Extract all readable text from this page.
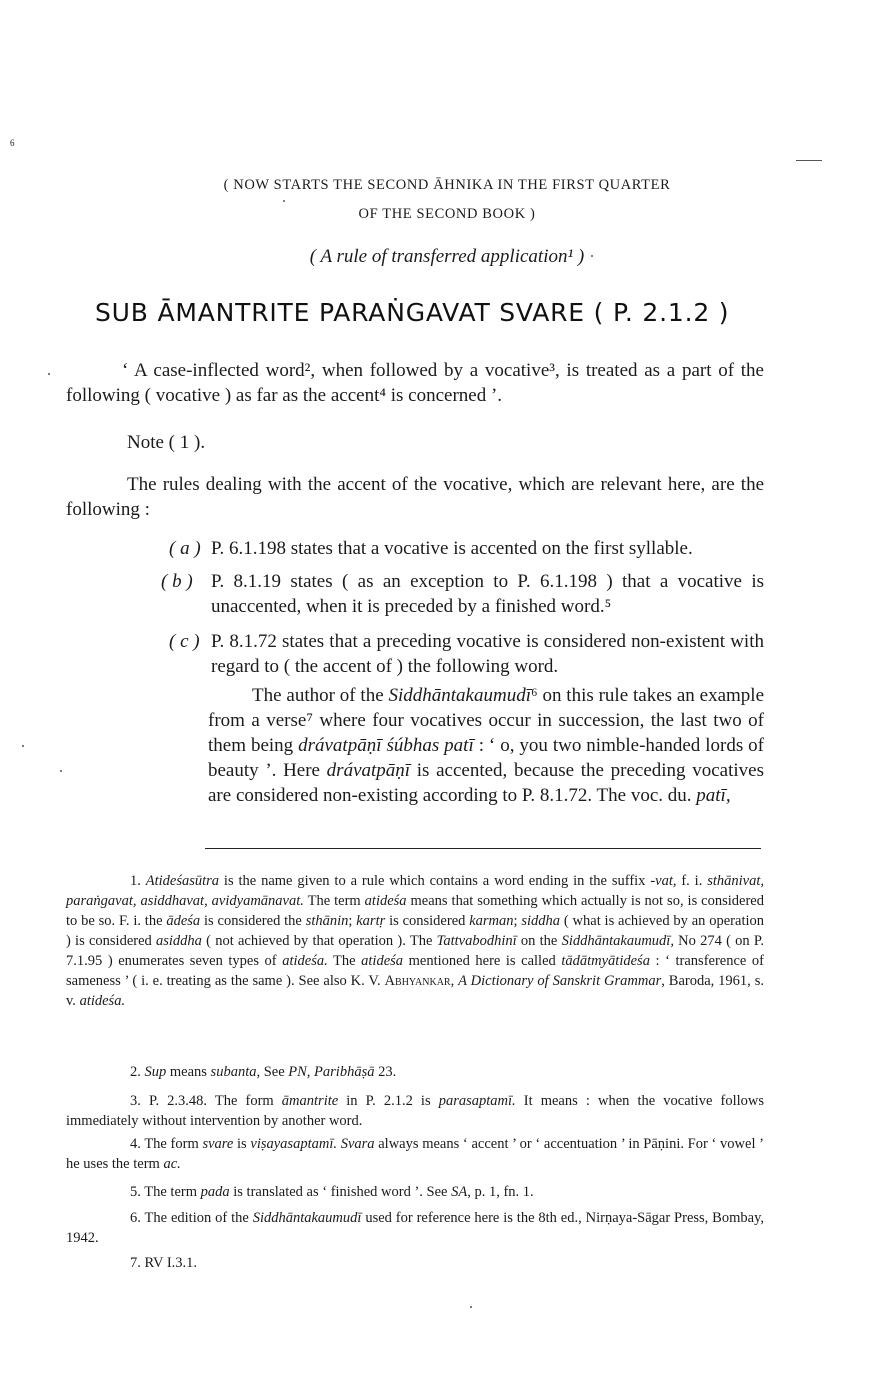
6
( NOW STARTS THE SECOND ĀHNIKA IN THE FIRST QUARTER
OF THE SECOND BOOK )
( A rule of transferred application¹ )
SUB ĀMANTRITE PARAṄGAVAT SVARE ( P. 2.1.2 )
‘ A case-inflected word², when followed by a vocative³, is treated as a part of the following ( vocative ) as far as the accent⁴ is concerned ’.
Note ( 1 ).
The rules dealing with the accent of the vocative, which are relevant here, are the following :
( a ) P. 6.1.198 states that a vocative is accented on the first syllable.
( b ) P. 8.1.19 states ( as an exception to P. 6.1.198 ) that a vocative is unaccented, when it is preceded by a finished word.⁵
( c ) P. 8.1.72 states that a preceding vocative is considered non-existent with regard to ( the accent of ) the following word.
The author of the Siddhāntakaumudī⁶ on this rule takes an example from a verse⁷ where four vocatives occur in succession, the last two of them being drávatpāṇī śúbhas patī : ‘ o, you two nimble-handed lords of beauty ’. Here drávatpāṇī is accented, because the preceding vocatives are considered non-existing according to P. 8.1.72. The voc. du. patī,
1. Atideśasūtra is the name given to a rule which contains a word ending in the suffix -vat, f. i. sthānivat, paraṅgavat, asiddhavat, avidyamānavat. The term atideśa means that something which actually is not so, is considered to be so. F. i. the ādeśa is considered the sthānin; kartṛ is considered karman; siddha ( what is achieved by an operation ) is considered asiddha ( not achieved by that operation ). The Tattvabodhinī on the Siddhāntakaumudī, No 274 ( on P. 7.1.95 ) enumerates seven types of atideśa. The atideśa mentioned here is called tādātmyātideśa : ‘ transference of sameness ’ ( i. e. treating as the same ). See also K. V. Abhyankar, A Dictionary of Sanskrit Grammar, Baroda, 1961, s. v. atideśa.
2. Sup means subanta, See PN, Paribhāṣā 23.
3. P. 2.3.48. The form āmantrite in P. 2.1.2 is parasaptamī. It means : when the vocative follows immediately without intervention by another word.
4. The form svare is viṣayasaptamī. Svara always means ‘ accent ’ or ‘ accentuation ’ in Pāṇini. For ‘ vowel ’ he uses the term ac.
5. The term pada is translated as ‘ finished word ’. See SA, p. 1, fn. 1.
6. The edition of the Siddhāntakaumudī used for reference here is the 8th ed., Nirṇaya-Sāgar Press, Bombay, 1942.
7. RV I.3.1.
